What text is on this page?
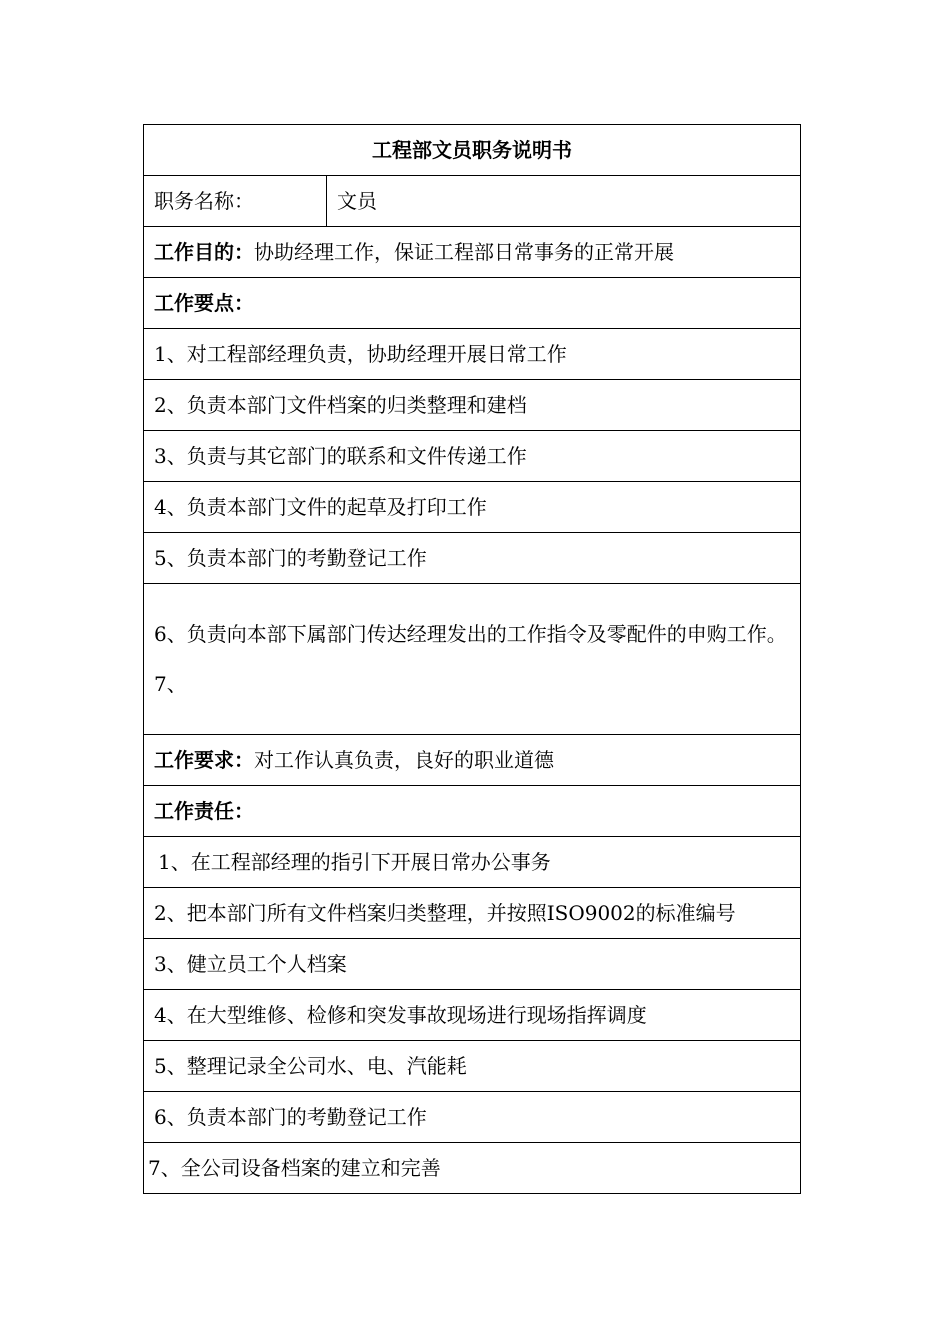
工程部文员职务说明书
职务名称：	文员
工作目的：协助经理工作，保证工程部日常事务的正常开展
工作要点：
1、对工程部经理负责，协助经理开展日常工作
2、负责本部门文件档案的归类整理和建档
3、负责与其它部门的联系和文件传递工作
4、负责本部门文件的起草及打印工作
5、负责本部门的考勤登记工作

6、负责向本部下属部门传达经理发出的工作指令及零配件的申购工作。
7、

工作要求：对工作认真负责，良好的职业道德
工作责任：
1、在工程部经理的指引下开展日常办公事务
2、把本部门所有文件档案归类整理，并按照ISO9002的标准编号
3、健立员工个人档案
4、在大型维修、检修和突发事故现场进行现场指挥调度
5、整理记录全公司水、电、汽能耗
6、负责本部门的考勤登记工作
7、全公司设备档案的建立和完善
